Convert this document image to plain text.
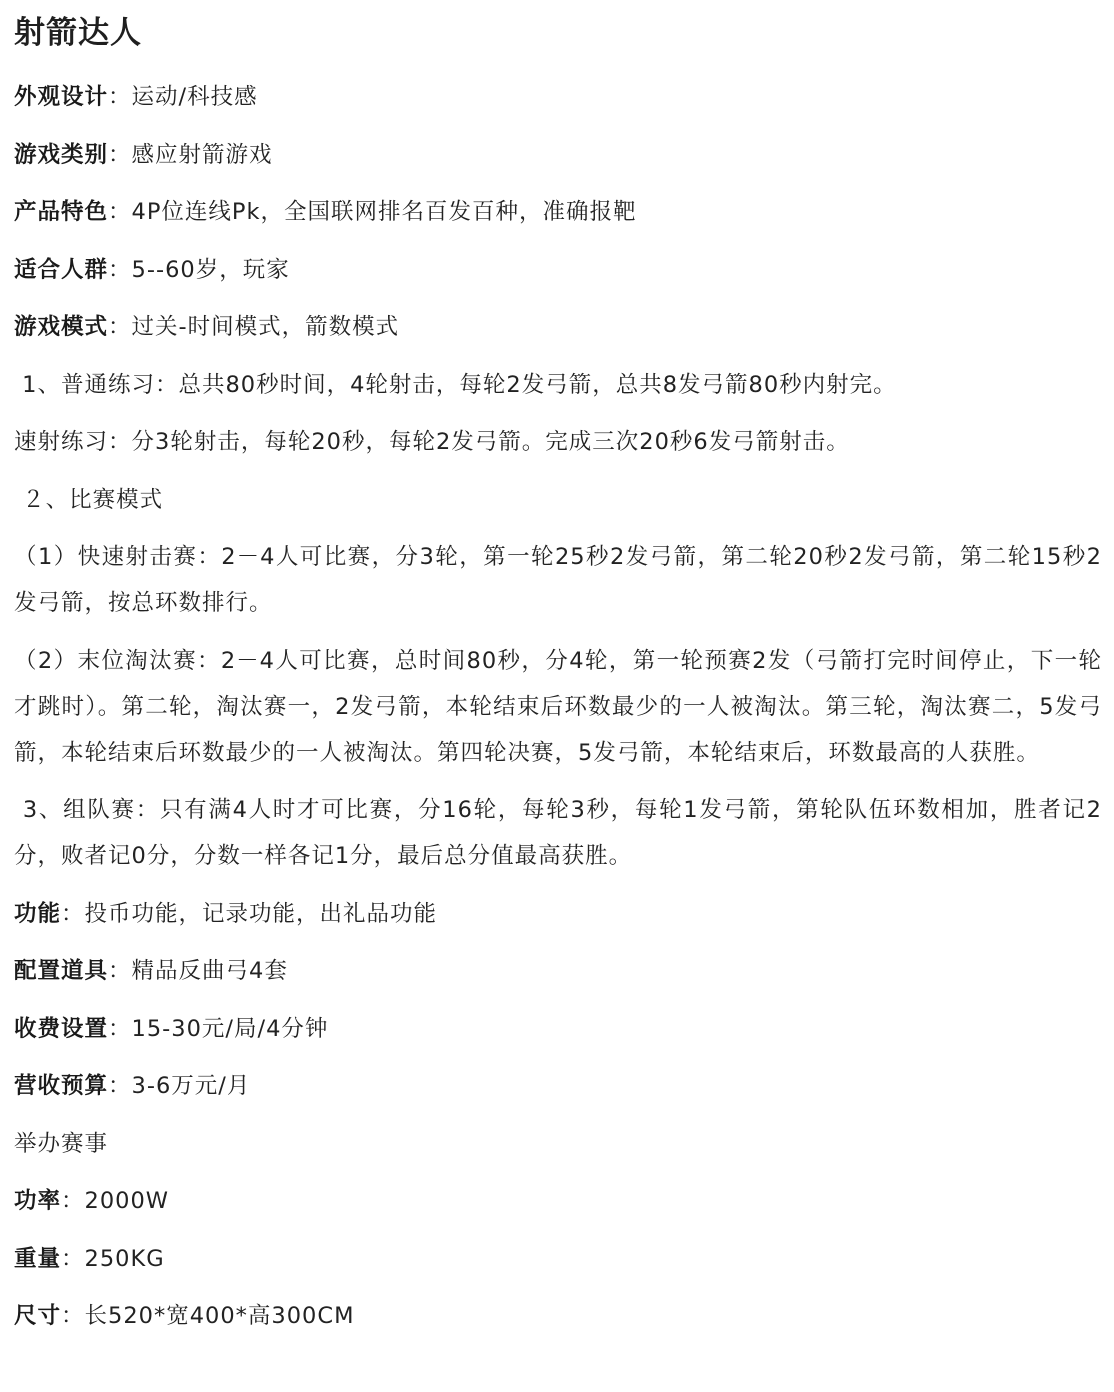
射箭达人
外观设计：运动/科技感
游戏类别：感应射箭游戏
产品特色：4P位连线Pk，全国联网排名百发百种，准确报靶
适合人群：5--60岁，玩家
游戏模式：过关-时间模式，箭数模式
1、普通练习：总共80秒时间，4轮射击，每轮2发弓箭，总共8发弓箭80秒内射完。
速射练习：分3轮射击，每轮20秒，每轮2发弓箭。完成三次20秒6发弓箭射击。
２、比赛模式
（1）快速射击赛：2－4人可比赛，分3轮，第一轮25秒2发弓箭，第二轮20秒2发弓箭，第二轮15秒2发弓箭，按总环数排行。
（2）末位淘汰赛：2－4人可比赛，总时间80秒，分4轮，第一轮预赛2发（弓箭打完时间停止，下一轮才跳时）。第二轮，淘汰赛一，2发弓箭，本轮结束后环数最少的一人被淘汰。第三轮，淘汰赛二，5发弓箭，本轮结束后环数最少的一人被淘汰。第四轮决赛，5发弓箭，本轮结束后，环数最高的人获胜。
3、组队赛：只有满4人时才可比赛，分16轮，每轮3秒，每轮1发弓箭，第轮队伍环数相加，胜者记2分，败者记0分，分数一样各记1分，最后总分值最高获胜。
功能：投币功能，记录功能，出礼品功能
配置道具：精品反曲弓4套
收费设置：15-30元/局/4分钟
营收预算：3-6万元/月
举办赛事
功率：2000W
重量：250KG
尺寸：长520*宽400*高300CM
